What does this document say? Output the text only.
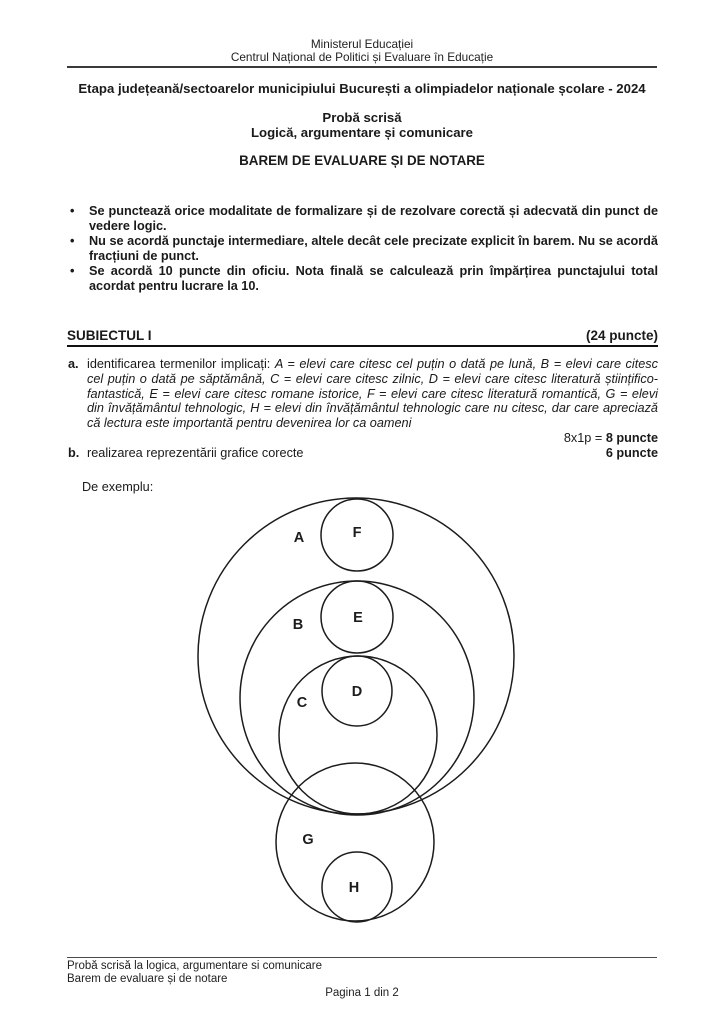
Ministerul Educației
Centrul Național de Politici și Evaluare în Educație
Etapa județeană/sectoarelor municipiului București a olimpiadelor naționale școlare - 2024
Probă scrisă
Logică, argumentare și comunicare
BAREM DE EVALUARE ȘI DE NOTARE
• Se punctează orice modalitate de formalizare și de rezolvare corectă și adecvată din punct de vedere logic.
• Nu se acordă punctaje intermediare, altele decât cele precizate explicit în barem. Nu se acordă fracțiuni de punct.
• Se acordă 10 puncte din oficiu. Nota finală se calculează prin împărțirea punctajului total acordat pentru lucrare la 10.
SUBIECTUL I	(24 puncte)
a. identificarea termenilor implicați: A = elevi care citesc cel puțin o dată pe lună, B = elevi care citesc cel puțin o dată pe săptămână, C = elevi care citesc zilnic, D = elevi care citesc literatură științifico-fantastică, E = elevi care citesc romane istorice, F = elevi care citesc literatură romantică, G = elevi din învățământul tehnologic, H = elevi din învățământul tehnologic care nu citesc, dar care apreciază că lectura este importantă pentru devenirea lor ca oameni
8x1p = 8 puncte
b. realizarea reprezentării grafice corecte	6 puncte
De exemplu:
A	F
B	E
C
D
G
H
Probă scrisă la logica, argumentare si comunicare
Barem de evaluare și de notare
Pagina 1 din 2
